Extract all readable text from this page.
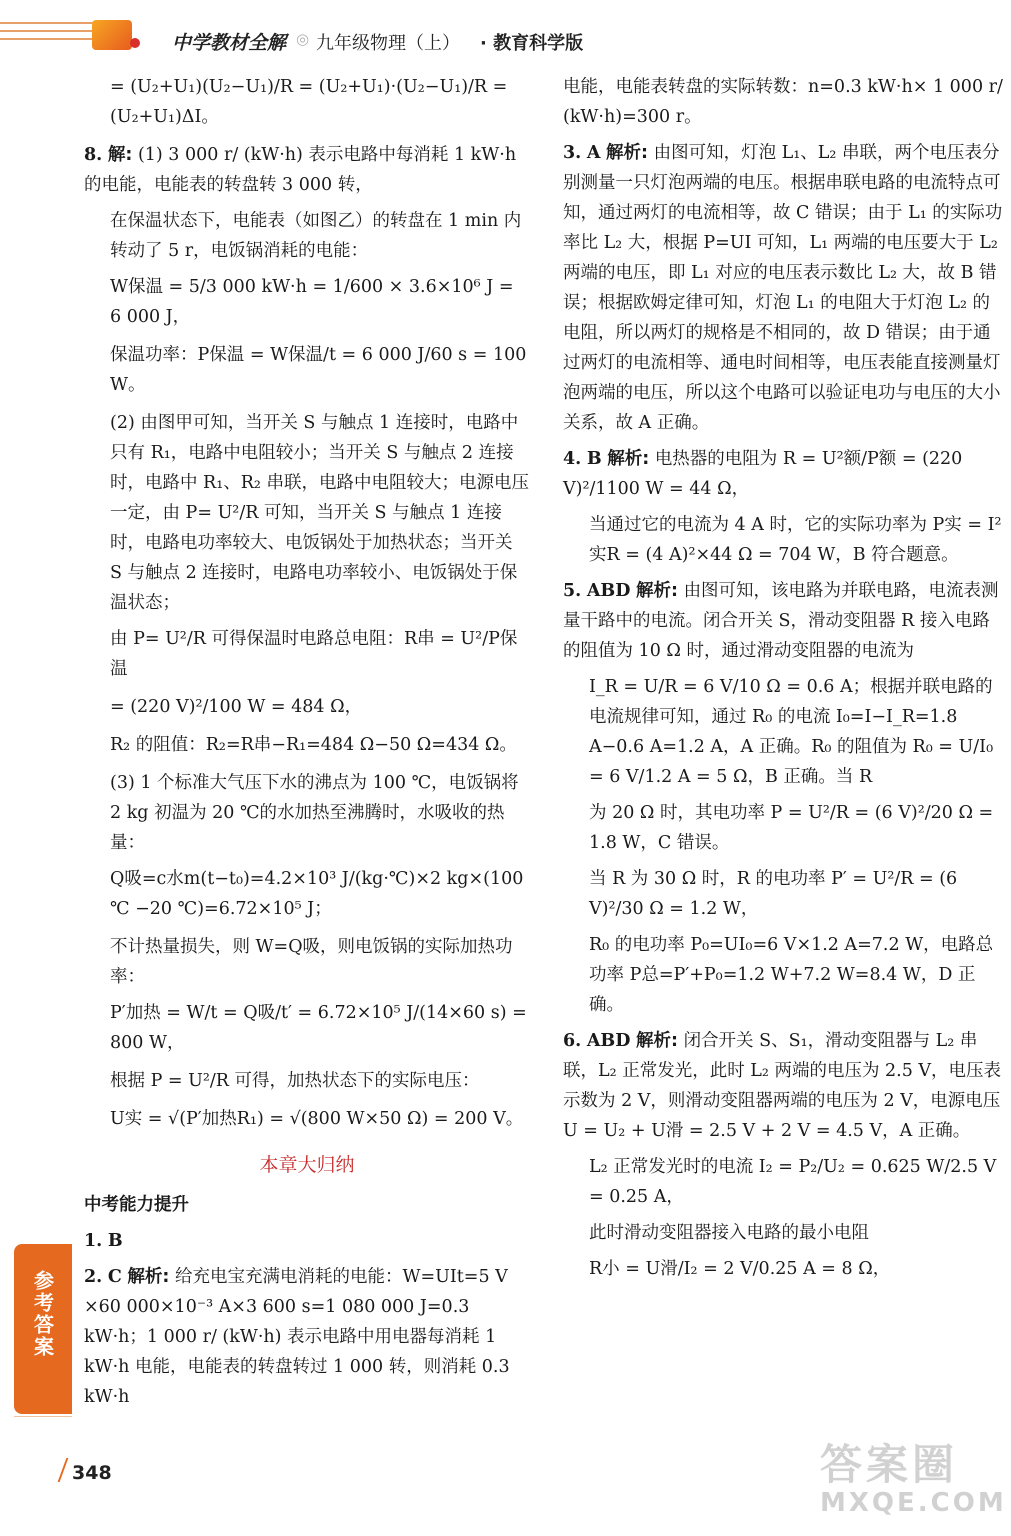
中学教材全解 ◎ 九年级物理（上） · 教育科学版
= (U₂+U₁)(U₂−U₁)/R = (U₂+U₁)·(U₂−U₁)/R = (U₂+U₁)ΔI。
8. 解: (1) 3 000 r/ (kW·h) 表示电路中每消耗 1 kW·h 的电能，电能表的转盘转 3 000 转，
在保温状态下，电能表（如图乙）的转盘在 1 min 内转动了 5 r，电饭锅消耗的电能：
W保温 = 5/3 000 kW·h = 1/600 × 3.6×10⁶ J = 6 000 J，
保温功率：P保温 = W保温/t = 6 000 J/60 s = 100 W。
(2) 由图甲可知，当开关 S 与触点 1 连接时，电路中只有 R₁，电路中电阻较小；当开关 S 与触点 2 连接时，电路中 R₁、R₂ 串联，电路中电阻较大；电源电压一定，由 P= U²/R 可知，当开关 S 与触点 1 连接时，电路电功率较大、电饭锅处于加热状态；当开关 S 与触点 2 连接时，电路电功率较小、电饭锅处于保温状态；
由 P= U²/R 可得保温时电路总电阻：R串 = U²/P保温
= (220 V)²/100 W = 484 Ω，
R₂ 的阻值：R₂=R串−R₁=484 Ω−50 Ω=434 Ω。
(3) 1 个标准大气压下水的沸点为 100 ℃，电饭锅将 2 kg 初温为 20 ℃的水加热至沸腾时，水吸收的热量：
Q吸=c水m(t−t₀)=4.2×10³ J/(kg·℃)×2 kg×(100 ℃ −20 ℃)=6.72×10⁵ J；
不计热量损失，则 W=Q吸，则电饭锅的实际加热功率：
P′加热 = W/t = Q吸/t′ = 6.72×10⁵ J/(14×60 s) = 800 W，
根据 P = U²/R 可得，加热状态下的实际电压：
U实 = √(P′加热R₁) = √(800 W×50 Ω) = 200 V。
本章大归纳
中考能力提升
1. B
2. C 解析: 给充电宝充满电消耗的电能：W=UIt=5 V ×60 000×10⁻³ A×3 600 s=1 080 000 J=0.3 kW·h；1 000 r/ (kW·h) 表示电路中用电器每消耗 1 kW·h 电能，电能表的转盘转过 1 000 转，则消耗 0.3 kW·h
电能，电能表转盘的实际转数：n=0.3 kW·h× 1 000 r/ (kW·h)=300 r。
3. A 解析: 由图可知，灯泡 L₁、L₂ 串联，两个电压表分别测量一只灯泡两端的电压。根据串联电路的电流特点可知，通过两灯的电流相等，故 C 错误；由于 L₁ 的实际功率比 L₂ 大，根据 P=UI 可知，L₁ 两端的电压要大于 L₂ 两端的电压，即 L₁ 对应的电压表示数比 L₂ 大，故 B 错误；根据欧姆定律可知，灯泡 L₁ 的电阻大于灯泡 L₂ 的电阻，所以两灯的规格是不相同的，故 D 错误；由于通过两灯的电流相等、通电时间相等，电压表能直接测量灯泡两端的电压，所以这个电路可以验证电功与电压的大小关系，故 A 正确。
4. B 解析: 电热器的电阻为 R = U²额/P额 = (220 V)²/1100 W = 44 Ω，
当通过它的电流为 4 A 时，它的实际功率为 P实 = I²实R = (4 A)²×44 Ω = 704 W，B 符合题意。
5. ABD 解析: 由图可知，该电路为并联电路，电流表测量干路中的电流。闭合开关 S，滑动变阻器 R 接入电路的阻值为 10 Ω 时，通过滑动变阻器的电流为
I_R = U/R = 6 V/10 Ω = 0.6 A；根据并联电路的电流规律可知，通过 R₀ 的电流 I₀=I−I_R=1.8 A−0.6 A=1.2 A，A 正确。R₀ 的阻值为 R₀ = U/I₀ = 6 V/1.2 A = 5 Ω，B 正确。当 R
为 20 Ω 时，其电功率 P = U²/R = (6 V)²/20 Ω = 1.8 W，C 错误。
当 R 为 30 Ω 时，R 的电功率 P′ = U²/R = (6 V)²/30 Ω = 1.2 W，
R₀ 的电功率 P₀=UI₀=6 V×1.2 A=7.2 W，电路总功率 P总=P′+P₀=1.2 W+7.2 W=8.4 W，D 正确。
6. ABD 解析: 闭合开关 S、S₁，滑动变阻器与 L₂ 串联，L₂ 正常发光，此时 L₂ 两端的电压为 2.5 V，电压表示数为 2 V，则滑动变阻器两端的电压为 2 V，电源电压 U = U₂ + U滑 = 2.5 V + 2 V = 4.5 V，A 正确。
L₂ 正常发光时的电流 I₂ = P₂/U₂ = 0.625 W/2.5 V = 0.25 A，
此时滑动变阻器接入电路的最小电阻
R小 = U滑/I₂ = 2 V/0.25 A = 8 Ω，
参考答案
348	答案圈
MXQE.COM
